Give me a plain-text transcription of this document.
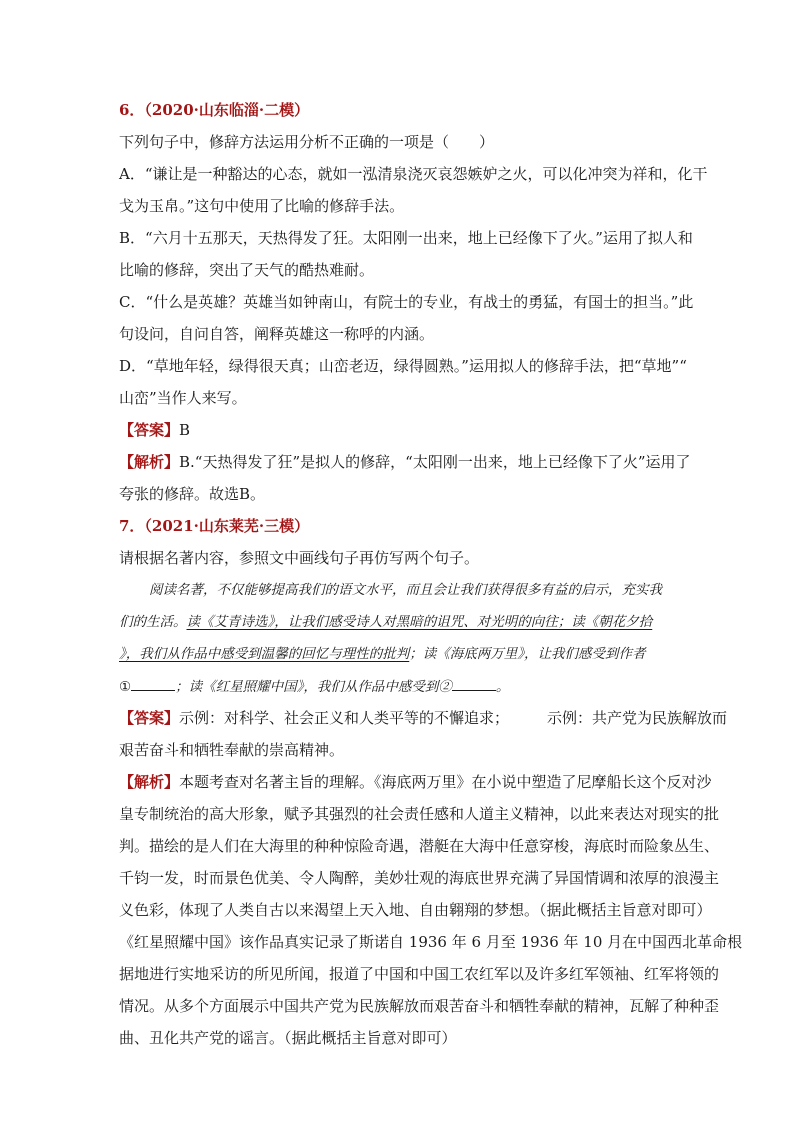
6．（2020·山东临淄·二模）
下列句子中，修辞方法运用分析不正确的一项是（　　）
A．“谦让是一种豁达的心态，就如一泓清泉浇灭哀怨嫉妒之火，可以化冲突为祥和，化干
戈为玉帛。”这句中使用了比喻的修辞手法。
B．“六月十五那天，天热得发了狂。太阳刚一出来，地上已经像下了火。”运用了拟人和
比喻的修辞，突出了天气的酷热难耐。
C．“什么是英雄？英雄当如钟南山，有院士的专业，有战士的勇猛，有国士的担当。”此
句设问，自问自答，阐释英雄这一称呼的内涵。
D．“草地年轻，绿得很天真；山峦老迈，绿得圆熟。”运用拟人的修辞手法，把“草地”“
山峦”当作人来写。
【答案】B
【解析】B.“天热得发了狂”是拟人的修辞，“太阳刚一出来，地上已经像下了火”运用了
夸张的修辞。故选B。
7．（2021·山东莱芜·三模）
请根据名著内容，参照文中画线句子再仿写两个句子。
阅读名著，不仅能够提高我们的语文水平，而且会让我们获得很多有益的启示，充实我
们的生活。读《艾青诗选》，让我们感受诗人对黑暗的诅咒、对光明的向往；读《朝花夕拾
》，我们从作品中感受到温馨的回忆与理性的批判；读《海底两万里》，让我们感受到作者
①	；读《红星照耀中国》，我们从作品中感受到②	。
【答案】示例：对科学、社会正义和人类平等的不懈追求；	示例：共产党为民族解放而
艰苦奋斗和牺牲奉献的崇高精神。
【解析】本题考查对名著主旨的理解。《海底两万里》在小说中塑造了尼摩船长这个反对沙
皇专制统治的高大形象，赋予其强烈的社会责任感和人道主义精神，以此来表达对现实的批
判。描绘的是人们在大海里的种种惊险奇遇，潜艇在大海中任意穿梭，海底时而险象丛生、
千钧一发，时而景色优美、令人陶醉，美妙壮观的海底世界充满了异国情调和浓厚的浪漫主
义色彩，体现了人类自古以来渴望上天入地、自由翱翔的梦想。（据此概括主旨意对即可）
《红星照耀中国》该作品真实记录了斯诺自 1936 年 6 月至 1936 年 10 月在中国西北革命根
据地进行实地采访的所见所闻，报道了中国和中国工农红军以及许多红军领袖、红军将领的
情况。从多个方面展示中国共产党为民族解放而艰苦奋斗和牺牲奉献的精神，瓦解了种种歪
曲、丑化共产党的谣言。（据此概括主旨意对即可）
